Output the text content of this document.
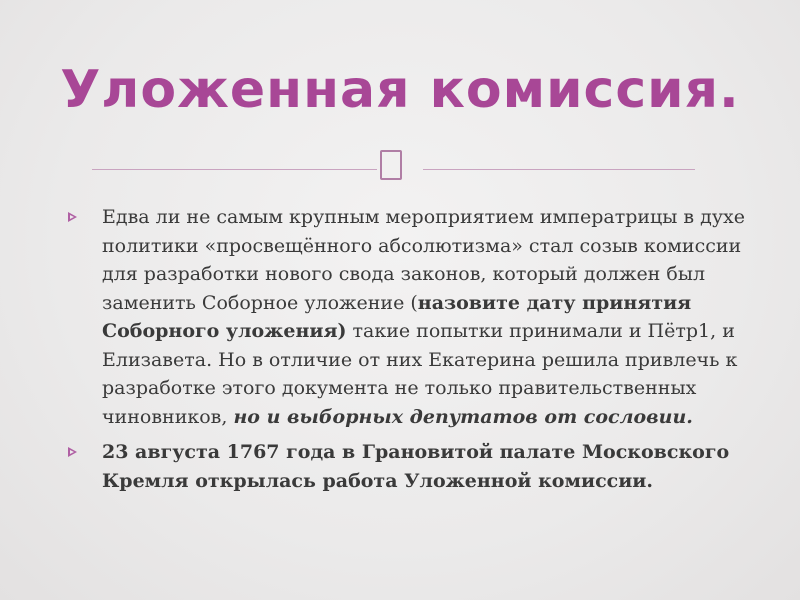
Уложенная комиссия.

Едва ли не самым крупным мероприятием императрицы в духе политики «просвещённого абсолютизма» стал созыв комиссии для разработки нового свода законов, который должен был заменить Соборное уложение (назовите дату принятия Соборного уложения) такие попытки принимали и Пётр1, и Елизавета. Но в отличие от них Екатерина решила привлечь к разработке этого документа не только правительственных чиновников, но и выборных депутатов от сословии.

23 августа 1767 года в Грановитой палате Московского Кремля открылась работа Уложенной комиссии.
